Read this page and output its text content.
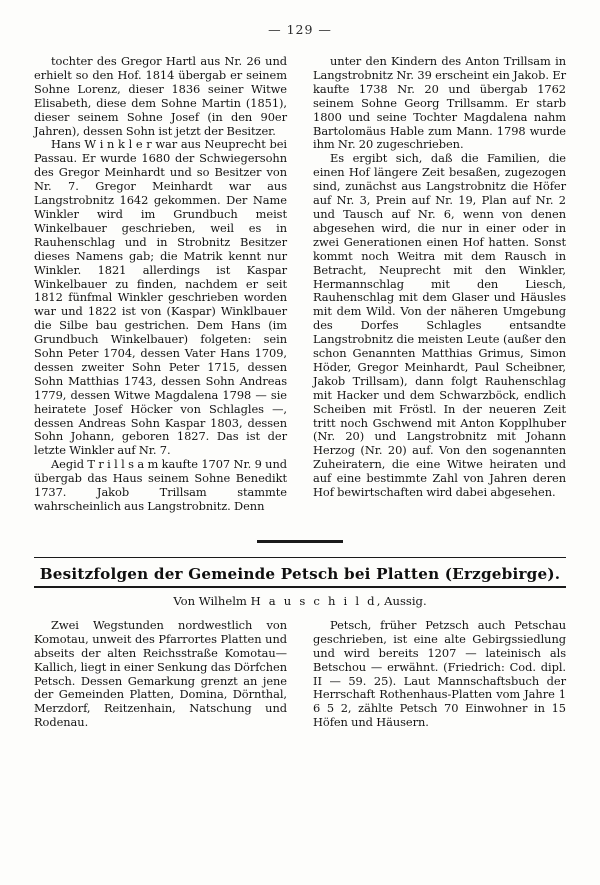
— 129 —

tochter des Gregor Hartl aus Nr. 26 und erhielt so den Hof. 1814 übergab er seinem Sohne Lorenz, dieser 1836 seiner Witwe Elisabeth, diese dem Sohne Martin (1851), dieser seinem Sohne Josef (in den 90er Jahren), dessen Sohn ist jetzt der Besitzer.

Hans W i n k l e r war aus Neuprecht bei Passau. Er wurde 1680 der Schwiegersohn des Gregor Meinhardt und so Besitzer von Nr. 7. Gregor Meinhardt war aus Langstrobnitz 1642 gekommen. Der Name Winkler wird im Grundbuch meist Winkelbauer geschrieben, weil es in Rauhenschlag und in Strobnitz Besitzer dieses Namens gab; die Matrik kennt nur Winkler. 1821 allerdings ist Kaspar Winkelbauer zu finden, nachdem er seit 1812 fünfmal Winkler geschrieben worden war und 1822 ist von (Kaspar) Winklbauer die Silbe bau gestrichen. Dem Hans (im Grundbuch Winkelbauer) folgeten: sein Sohn Peter 1704, dessen Vater Hans 1709, dessen zweiter Sohn Peter 1715, dessen Sohn Matthias 1743, dessen Sohn Andreas 1779, dessen Witwe Magdalena 1798 — sie heiratete Josef Höcker von Schlagles —, dessen Andreas Sohn Kaspar 1803, dessen Sohn Johann, geboren 1827. Das ist der letzte Winkler auf Nr. 7.

Aegid T r i l l s a m kaufte 1707 Nr. 9 und übergab das Haus seinem Sohne Benedikt 1737. Jakob Trillsam stammte wahrscheinlich aus Langstrobnitz. Denn

unter den Kindern des Anton Trillsam in Langstrobnitz Nr. 39 erscheint ein Jakob. Er kaufte 1738 Nr. 20 und übergab 1762 seinem Sohne Georg Trillsamm. Er starb 1800 und seine Tochter Magdalena nahm Bartolomäus Hable zum Mann. 1798 wurde ihm Nr. 20 zugeschrieben.

Es ergibt sich, daß die Familien, die einen Hof längere Zeit besaßen, zugezogen sind, zunächst aus Langstrobnitz die Höfer auf Nr. 3, Prein auf Nr. 19, Plan auf Nr. 2 und Tausch auf Nr. 6, wenn von denen abgesehen wird, die nur in einer oder in zwei Generationen einen Hof hatten. Sonst kommt noch Weitra mit dem Rausch in Betracht, Neuprecht mit den Winkler, Hermannschlag mit den Liesch, Rauhenschlag mit dem Glaser und Häusles mit dem Wild. Von der näheren Umgebung des Dorfes Schlagles entsandte Langstrobnitz die meisten Leute (außer den schon Genannten Matthias Grimus, Simon Höder, Gregor Meinhardt, Paul Scheibner, Jakob Trillsam), dann folgt Rauhenschlag mit Hacker und dem Schwarzböck, endlich Scheiben mit Fröstl. In der neueren Zeit tritt noch Gschwend mit Anton Kopplhuber (Nr. 20) und Langstrobnitz mit Johann Herzog (Nr. 20) auf. Von den sogenannten Zuheiratern, die eine Witwe heiraten und auf eine bestimmte Zahl von Jahren deren Hof bewirtschaften wird dabei abgesehen.

Besitzfolgen der Gemeinde Petsch bei Platten (Erzgebirge).
Von Wilhelm H a u s c h i l d, Aussig.

Zwei Wegstunden nordwestlich von Komotau, unweit des Pfarrortes Platten und abseits der alten Reichsstraße Komotau—Kallich, liegt in einer Senkung das Dörfchen Petsch. Dessen Gemarkung grenzt an jene der Gemeinden Platten, Domina, Dörnthal, Merzdorf, Reitzenhain, Natschung und Rodenau.

Petsch, früher Petzsch auch Petschau geschrieben, ist eine alte Gebirgssiedlung und wird bereits 1207 — lateinisch als Betschou — erwähnt. (Friedrich: Cod. dipl. II — 59. 25). Laut Mannschaftsbuch der Herrschaft Rothenhaus-Platten vom Jahre 1 6 5 2, zählte Petsch 70 Einwohner in 15 Höfen und Häusern.
